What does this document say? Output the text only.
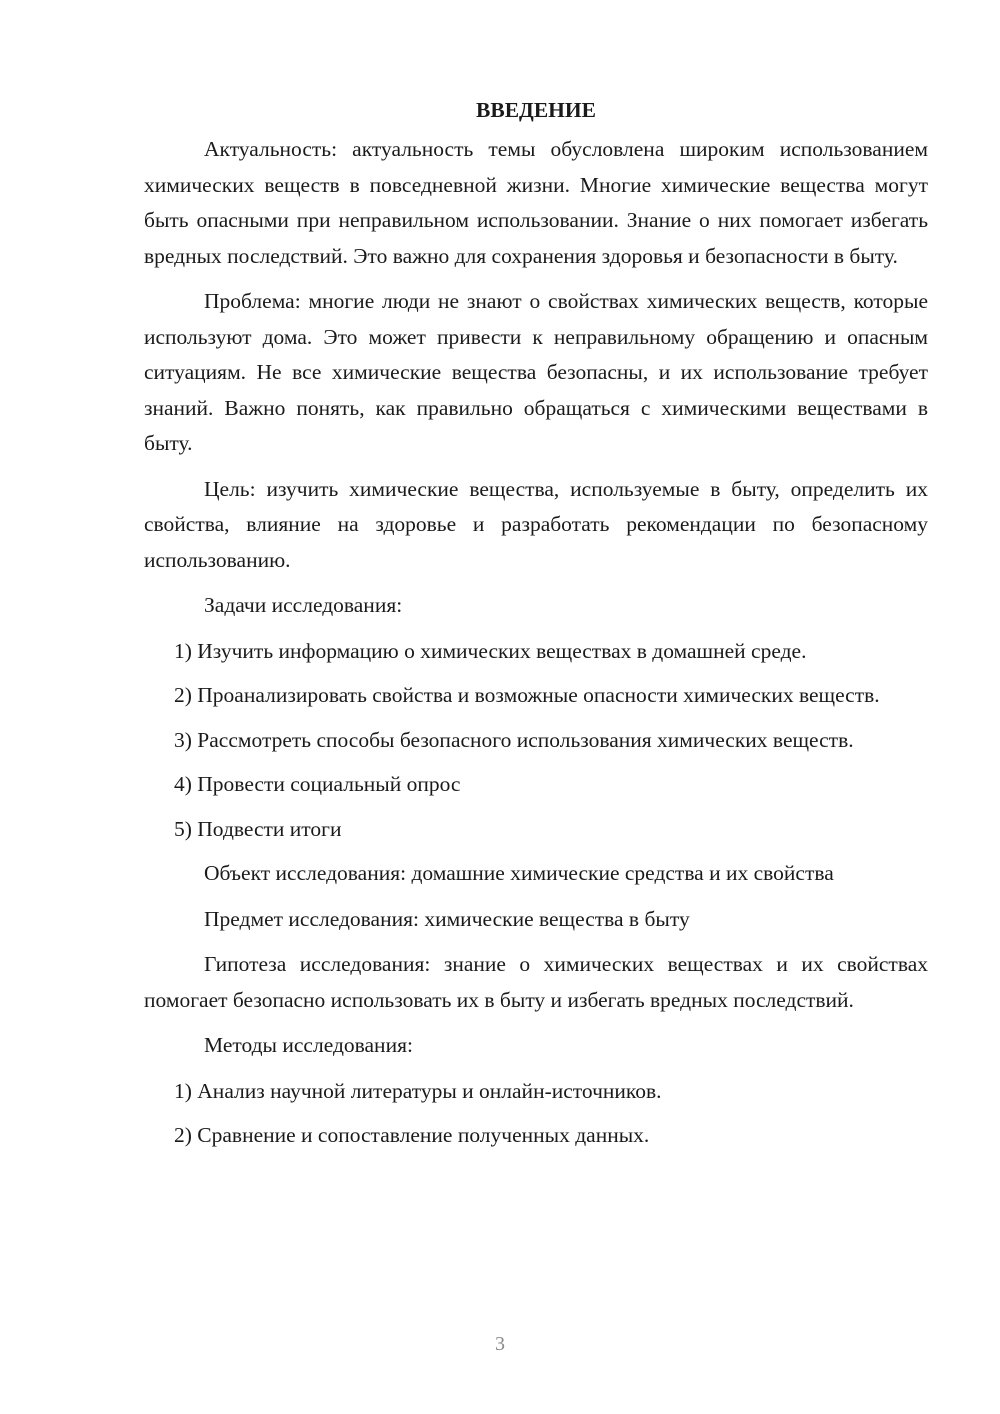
ВВЕДЕНИЕ

Актуальность: актуальность темы обусловлена широким использованием химических веществ в повседневной жизни. Многие химические вещества могут быть опасными при неправильном использовании. Знание о них помогает избегать вредных последствий. Это важно для сохранения здоровья и безопасности в быту.

Проблема: многие люди не знают о свойствах химических веществ, которые используют дома. Это может привести к неправильному обращению и опасным ситуациям. Не все химические вещества безопасны, и их использование требует знаний. Важно понять, как правильно обращаться с химическими веществами в быту.

Цель: изучить химические вещества, используемые в быту, определить их свойства, влияние на здоровье и разработать рекомендации по безопасному использованию.

Задачи исследования:

1) Изучить информацию о химических веществах в домашней среде.

2) Проанализировать свойства и возможные опасности химических веществ.

3) Рассмотреть способы безопасного использования химических веществ.

4) Провести социальный опрос

5) Подвести итоги

Объект исследования: домашние химические средства и их свойства

Предмет исследования: химические вещества в быту

Гипотеза исследования: знание о химических веществах и их свойствах помогает безопасно использовать их в быту и избегать вредных последствий.

Методы исследования:

1) Анализ научной литературы и онлайн-источников.

2) Сравнение и сопоставление полученных данных.

3
